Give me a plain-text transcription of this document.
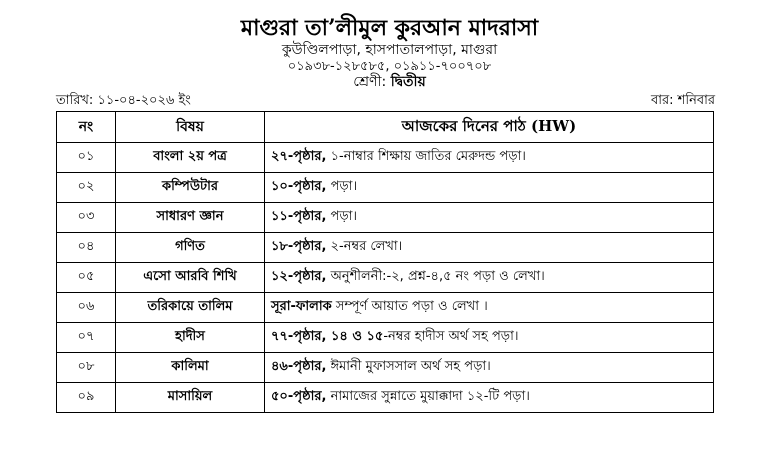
মাগুরা তা’লীমুল কুরআন মাদরাসা
কুউণ্ডিলপাড়া, হাসপাতালপাড়া, মাগুরা
০১৯৩৮-১২৮৫৮৫, ০১৯১১-৭০০৭০৮
শ্রেণী: দ্বিতীয়
তারিখ: ১১-০৪-২০২৬ ইং	বার: শনিবার
নং	বিষয়	আজকের দিনের পাঠ (HW)
০১	বাংলা ২য় পত্র	২৭-পৃষ্ঠার, ১-নাম্বার শিক্ষায় জাতির মেরুদন্ড পড়া।
০২	কম্পিউটার	১০-পৃষ্ঠার, পড়া।
০৩	সাধারণ জ্ঞান	১১-পৃষ্ঠার, পড়া।
০৪	গণিত	১৮-পৃষ্ঠার, ২-নম্বর লেখা।
০৫	এসো আরবি শিখি	১২-পৃষ্ঠার, অনুশীলনী:-২, প্রশ্ন-৪,৫ নং পড়া ও লেখা।
০৬	তরিকায়ে তালিম	সূরা-ফালাক সম্পূর্ণ আয়াত পড়া ও লেখা ।
০৭	হাদীস	৭৭-পৃষ্ঠার, ১৪ ও ১৫-নম্বর হাদীস অর্থ সহ পড়া।
০৮	কালিমা	৪৬-পৃষ্ঠার, ঈমানী মুফাসসাল অর্থ সহ পড়া।
০৯	মাসায়িল	৫০-পৃষ্ঠার, নামাজের সুন্নাতে মুয়াক্কাদা ১২-টি পড়া।
